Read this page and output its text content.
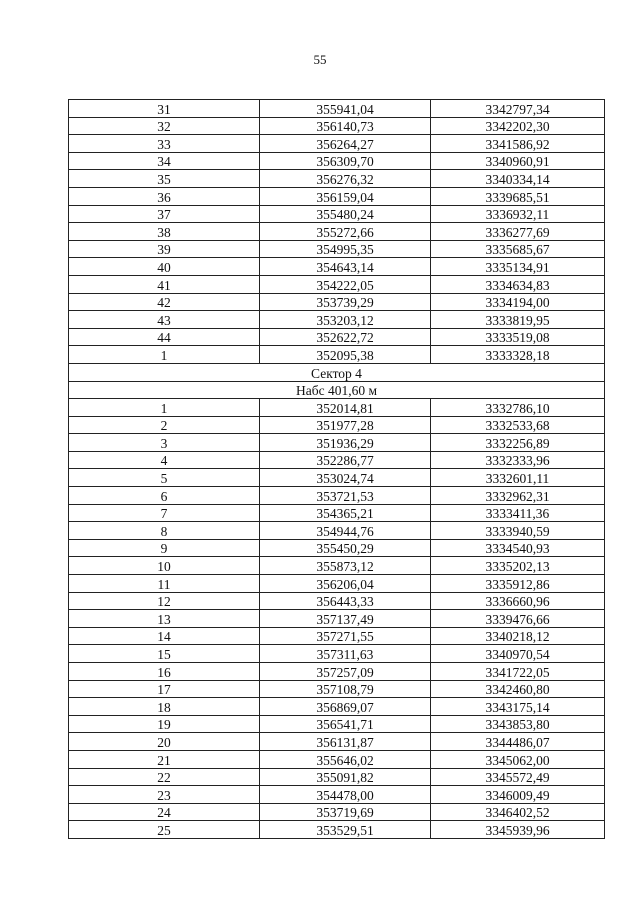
55
31	355941,04	3342797,34
32	356140,73	3342202,30
33	356264,27	3341586,92
34	356309,70	3340960,91
35	356276,32	3340334,14
36	356159,04	3339685,51
37	355480,24	3336932,11
38	355272,66	3336277,69
39	354995,35	3335685,67
40	354643,14	3335134,91
41	354222,05	3334634,83
42	353739,29	3334194,00
43	353203,12	3333819,95
44	352622,72	3333519,08
1	352095,38	3333328,18
Сектор 4		
Набс 401,60 м		
1	352014,81	3332786,10
2	351977,28	3332533,68
3	351936,29	3332256,89
4	352286,77	3332333,96
5	353024,74	3332601,11
6	353721,53	3332962,31
7	354365,21	3333411,36
8	354944,76	3333940,59
9	355450,29	3334540,93
10	355873,12	3335202,13
11	356206,04	3335912,86
12	356443,33	3336660,96
13	357137,49	3339476,66
14	357271,55	3340218,12
15	357311,63	3340970,54
16	357257,09	3341722,05
17	357108,79	3342460,80
18	356869,07	3343175,14
19	356541,71	3343853,80
20	356131,87	3344486,07
21	355646,02	3345062,00
22	355091,82	3345572,49
23	354478,00	3346009,49
24	353719,69	3346402,52
25	353529,51	3345939,96
